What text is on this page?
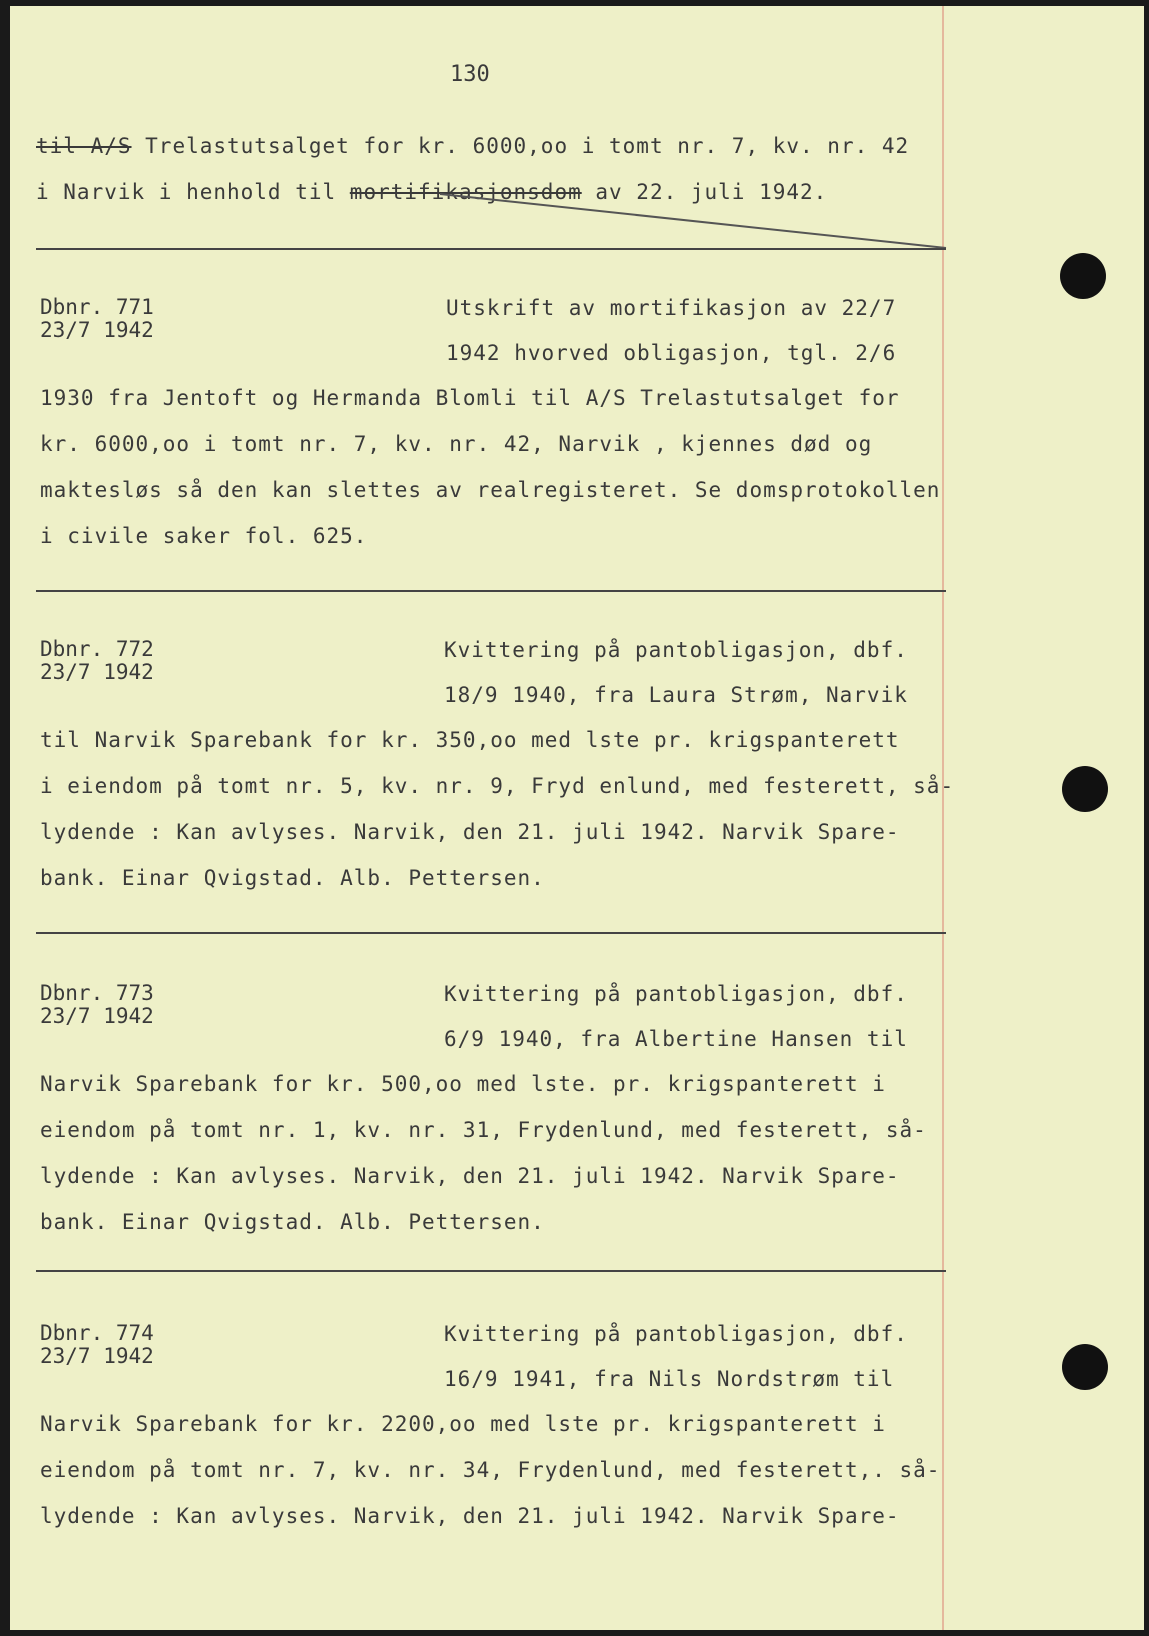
130
til A/S Trelastutsalget for kr. 6000,oo i tomt nr. 7, kv. nr. 42
i Narvik i henhold til mortifikasjonsdom av 22. juli 1942.
Dbnr. 771
23/7 1942
Utskrift av mortifikasjon av 22/7
1942 hvorved obligasjon, tgl. 2/6
1930 fra Jentoft og Hermanda Blomli til A/S Trelastutsalget for
kr. 6000,oo i tomt nr. 7, kv. nr. 42, Narvik , kjennes død og
maktesløs så den kan slettes av realregisteret. Se domsprotokollen
i civile saker fol. 625.
Dbnr. 772
23/7 1942
Kvittering på pantobligasjon, dbf.
18/9 1940, fra Laura Strøm, Narvik
til Narvik Sparebank for kr. 350,oo med lste pr. krigspanterett
i eiendom på tomt nr. 5, kv. nr. 9, Fryd enlund, med festerett, så-
lydende : Kan avlyses. Narvik, den 21. juli 1942. Narvik Spare-
bank. Einar Qvigstad. Alb. Pettersen.
Dbnr. 773
23/7 1942
Kvittering på pantobligasjon, dbf.
6/9 1940, fra Albertine Hansen til
Narvik Sparebank for kr. 500,oo med lste. pr. krigspanterett i
eiendom på tomt nr. 1, kv. nr. 31, Frydenlund, med festerett, så-
lydende : Kan avlyses. Narvik, den 21. juli 1942. Narvik Spare-
bank. Einar Qvigstad. Alb. Pettersen.
Dbnr. 774
23/7 1942
Kvittering på pantobligasjon, dbf.
16/9 1941, fra Nils Nordstrøm til
Narvik Sparebank for kr. 2200,oo med lste pr. krigspanterett i
eiendom på tomt nr. 7, kv. nr. 34, Frydenlund, med festerett,. så-
lydende : Kan avlyses. Narvik, den 21. juli 1942. Narvik Spare-
